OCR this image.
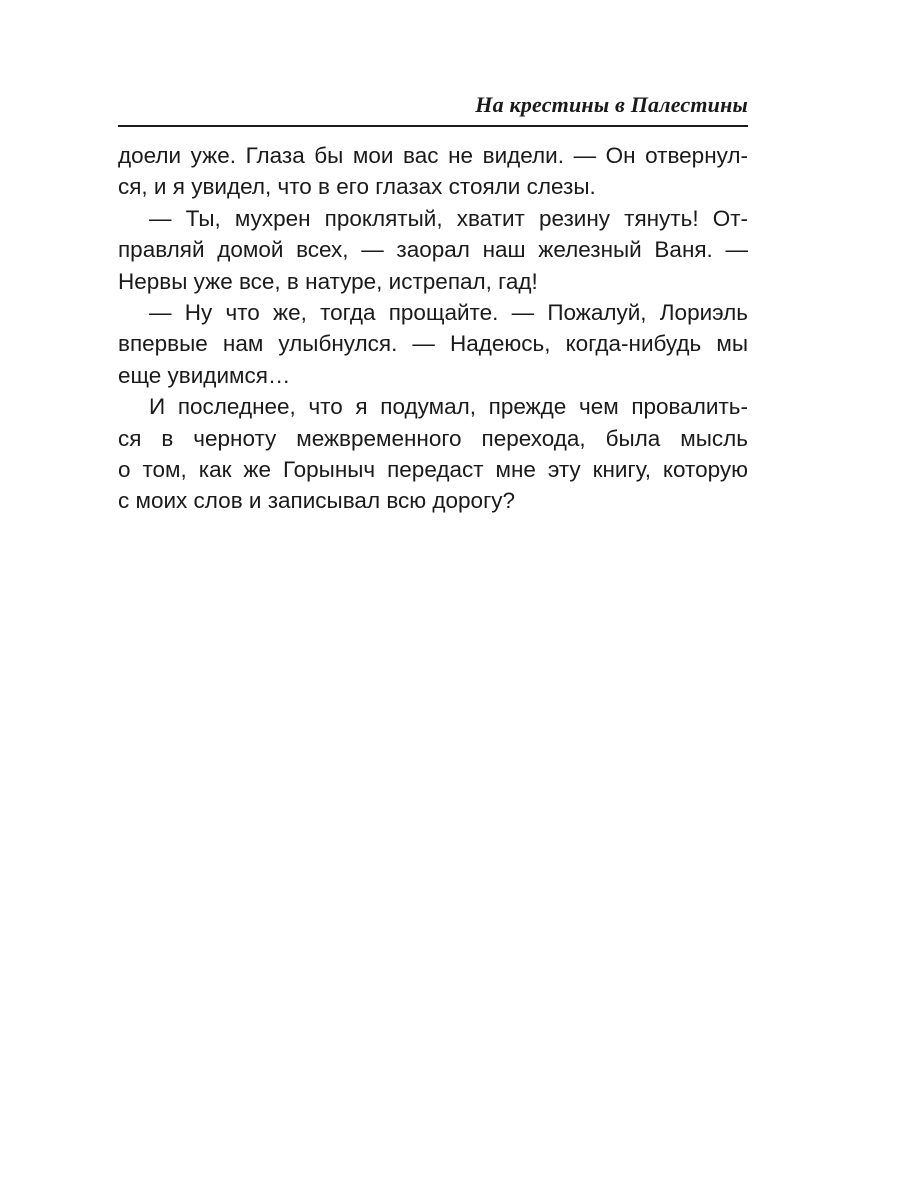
На крестины в Палестины
доели уже. Глаза бы мои вас не видели. — Он отвернул-
ся, и я увидел, что в его глазах стояли слезы.
— Ты, мухрен проклятый, хватит резину тянуть! От-
правляй домой всех, — заорал наш железный Ваня. —
Нервы уже все, в натуре, истрепал, гад!
— Ну что же, тогда прощайте. — Пожалуй, Лориэль
впервые нам улыбнулся. — Надеюсь, когда-нибудь мы
еще увидимся…
И последнее, что я подумал, прежде чем провалить-
ся в черноту межвременного перехода, была мысль
о том, как же Горыныч передаст мне эту книгу, которую
с моих слов и записывал всю дорогу?
